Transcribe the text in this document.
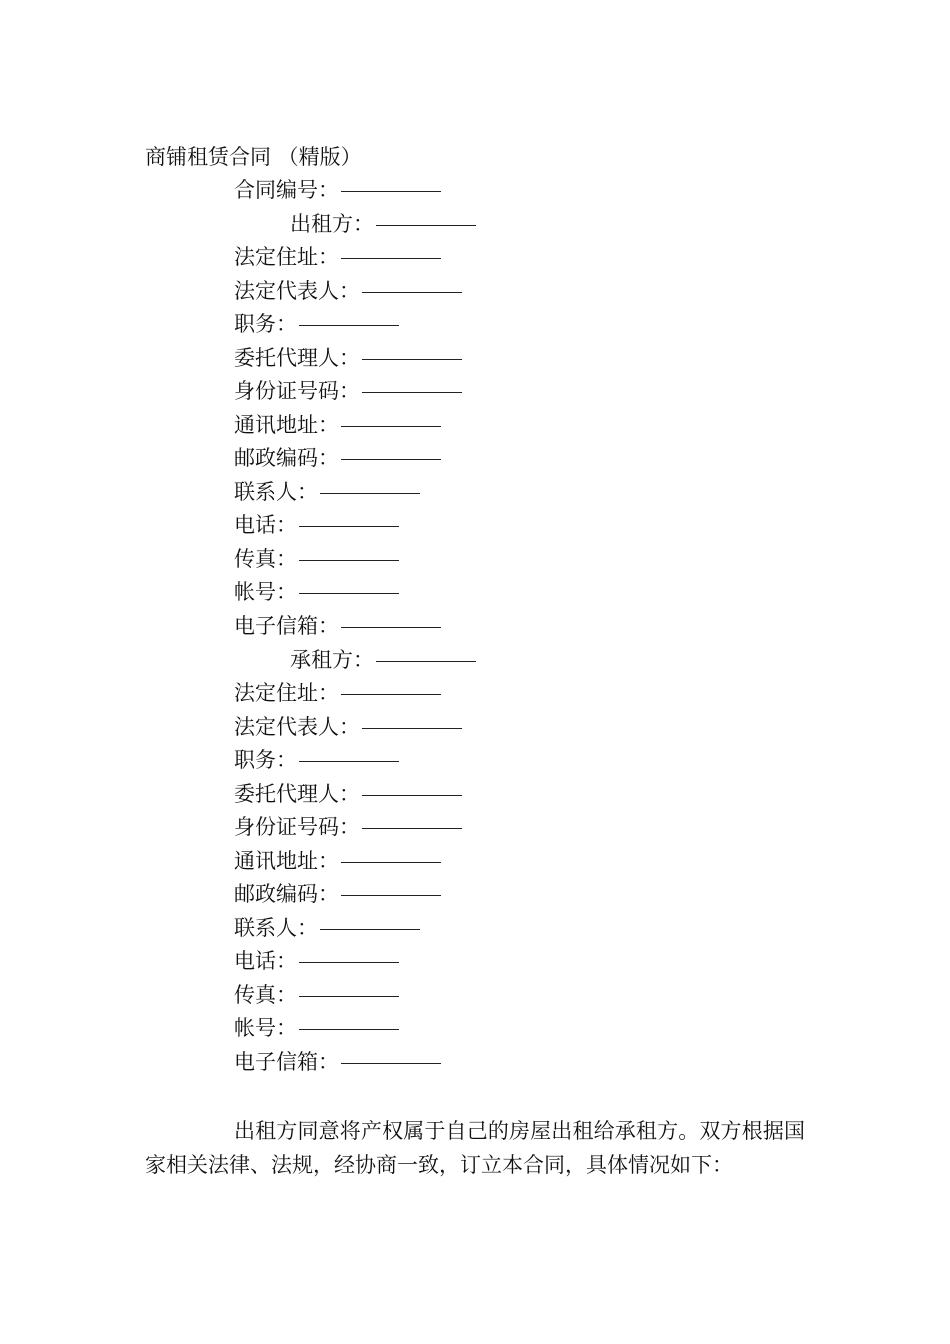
商铺租赁合同 （精版）
合同编号：
出租方：
法定住址：
法定代表人：
职务：
委托代理人：
身份证号码：
通讯地址：
邮政编码：
联系人：
电话：
传真：
帐号：
电子信箱：
承租方：
法定住址：
法定代表人：
职务：
委托代理人：
身份证号码：
通讯地址：
邮政编码：
联系人：
电话：
传真：
帐号：
电子信箱：
出租方同意将产权属于自己的房屋出租给承租方。双方根据国家相关法律、法规，经协商一致，订立本合同，具体情况如下：
